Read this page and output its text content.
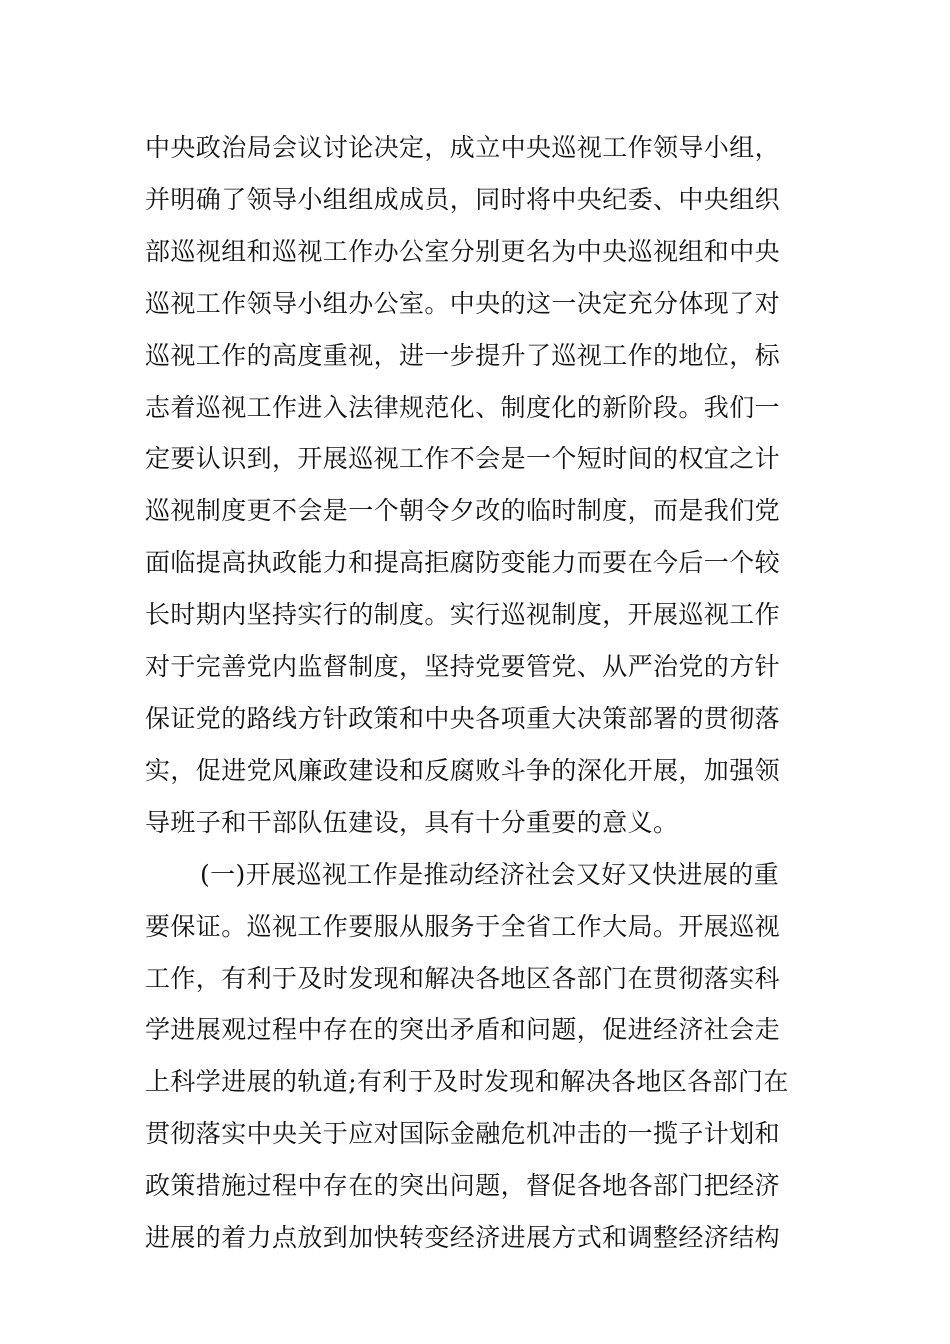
中央政治局会议讨论决定，成立中央巡视工作领导小组，
并明确了领导小组组成成员，同时将中央纪委、中央组织
部巡视组和巡视工作办公室分别更名为中央巡视组和中央
巡视工作领导小组办公室。中央的这一决定充分体现了对
巡视工作的高度重视，进一步提升了巡视工作的地位，标
志着巡视工作进入法律规范化、制度化的新阶段。我们一
定要认识到，开展巡视工作不会是一个短时间的权宜之计
巡视制度更不会是一个朝令夕改的临时制度，而是我们党
面临提高执政能力和提高拒腐防变能力而要在今后一个较
长时期内坚持实行的制度。实行巡视制度，开展巡视工作
对于完善党内监督制度，坚持党要管党、从严治党的方针
保证党的路线方针政策和中央各项重大决策部署的贯彻落
实，促进党风廉政建设和反腐败斗争的深化开展，加强领
导班子和干部队伍建设，具有十分重要的意义。
(一)开展巡视工作是推动经济社会又好又快进展的重
要保证。巡视工作要服从服务于全省工作大局。开展巡视
工作，有利于及时发现和解决各地区各部门在贯彻落实科
学进展观过程中存在的突出矛盾和问题，促进经济社会走
上科学进展的轨道;有利于及时发现和解决各地区各部门在
贯彻落实中央关于应对国际金融危机冲击的一揽子计划和
政策措施过程中存在的突出问题，督促各地各部门把经济
进展的着力点放到加快转变经济进展方式和调整经济结构
